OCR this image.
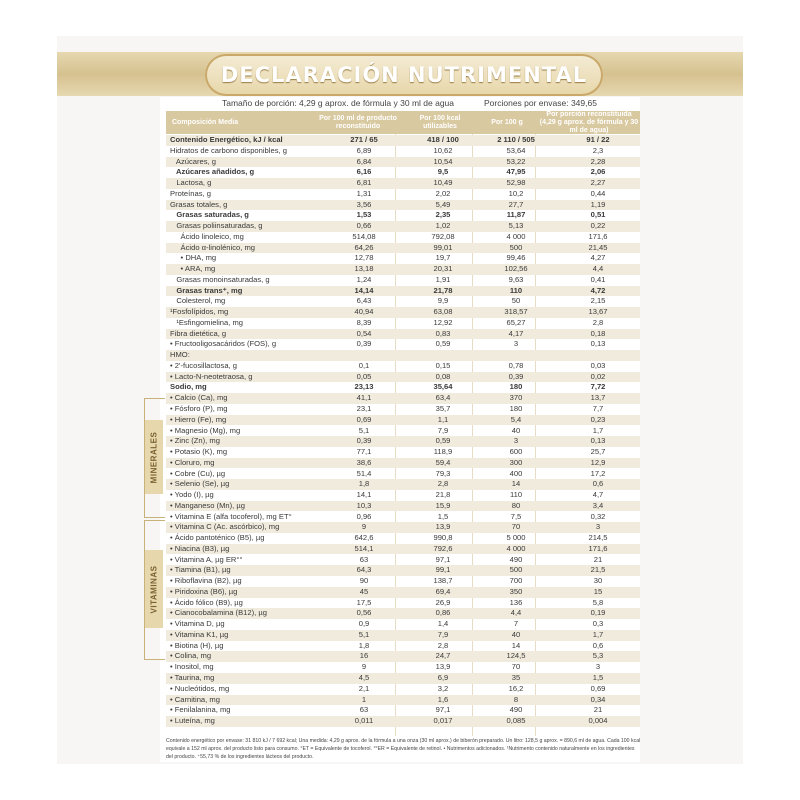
DECLARACIÓN NUTRIMENTAL
Tamaño de porción: 4,29 g aprox. de fórmula y 30 ml de agua	Porciones por envase: 349,65
Composición Media
Por 100 ml de producto reconstituido
Por 100 kcal utilizables
Por 100 g
Por porción reconstituida (4,29 g aprox. de fórmula y 30 ml de agua)
Contenido Energético, kJ / kcal	271 / 65	418 / 100	2 110 / 505	91 / 22
Hidratos de carbono disponibles, g	6,89	10,62	53,64	2,3
Azúcares, g	6,84	10,54	53,22	2,28
Azúcares añadidos, g	6,16	9,5	47,95	2,06
Lactosa, g	6,81	10,49	52,98	2,27
Proteínas, g	1,31	2,02	10,2	0,44
Grasas totales, g	3,56	5,49	27,7	1,19
Grasas saturadas, g	1,53	2,35	11,87	0,51
Grasas poliinsaturadas, g	0,66	1,02	5,13	0,22
Ácido linoleico, mg	514,08	792,08	4 000	171,6
Ácido α-linolénico, mg	64,26	99,01	500	21,45
• DHA, mg	12,78	19,7	99,46	4,27
• ARA, mg	13,18	20,31	102,56	4,4
Grasas monoinsaturadas, g	1,24	1,91	9,63	0,41
Grasas trans⁺, mg	14,14	21,78	110	4,72
Colesterol, mg	6,43	9,9	50	2,15
¹Fosfolípidos, mg	40,94	63,08	318,57	13,67
¹Esfingomielina, mg	8,39	12,92	65,27	2,8
Fibra dietética, g	0,54	0,83	4,17	0,18
• Fructooligosacáridos (FOS), g	0,39	0,59	3	0,13
HMO:
• 2'-fucosillactosa, g	0,1	0,15	0,78	0,03
• Lacto-N-neotetraosa, g	0,05	0,08	0,39	0,02
Sodio, mg	23,13	35,64	180	7,72
• Calcio (Ca), mg	41,1	63,4	370	13,7
• Fósforo (P), mg	23,1	35,7	180	7,7
• Hierro (Fe), mg	0,69	1,1	5,4	0,23
• Magnesio (Mg), mg	5,1	7,9	40	1,7
• Zinc (Zn), mg	0,39	0,59	3	0,13
• Potasio (K), mg	77,1	118,9	600	25,7
• Cloruro, mg	38,6	59,4	300	12,9
• Cobre (Cu), µg	51,4	79,3	400	17,2
• Selenio (Se), µg	1,8	2,8	14	0,6
• Yodo (I), µg	14,1	21,8	110	4,7
• Manganeso (Mn), µg	10,3	15,9	80	3,4
• Vitamina E (alfa tocoferol), mg ET°	0,96	1,5	7,5	0,32
• Vitamina C (Ac. ascórbico), mg	9	13,9	70	3
• Ácido pantoténico (B5), µg	642,6	990,8	5 000	214,5
• Niacina (B3), µg	514,1	792,6	4 000	171,6
• Vitamina A, µg ER°°	63	97,1	490	21
• Tiamina (B1), µg	64,3	99,1	500	21,5
• Riboflavina (B2), µg	90	138,7	700	30
• Piridoxina (B6), µg	45	69,4	350	15
• Ácido fólico (B9), µg	17,5	26,9	136	5,8
• Cianocobalamina (B12), µg	0,56	0,86	4,4	0,19
• Vitamina D, µg	0,9	1,4	7	0,3
• Vitamina K1, µg	5,1	7,9	40	1,7
• Biotina (H), µg	1,8	2,8	14	0,6
• Colina, mg	16	24,7	124,5	5,3
• Inositol, mg	9	13,9	70	3
• Taurina, mg	4,5	6,9	35	1,5
• Nucleótidos, mg	2,1	3,2	16,2	0,69
• Carnitina, mg	1	1,6	8	0,34
• Fenilalanina, mg	63	97,1	490	21
• Luteína, mg	0,011	0,017	0,085	0,004
MINERALES
VITAMINAS
Contenido energético por envase: 31 810 kJ / 7 692 kcal; Una medida: 4,29 g aprox. de la fórmula a una onza (30 ml aprox.) de biberón preparado. Un litro: 128,5 g aprox. = 890,6 ml de agua. Cada 100 kcal equivale a 152 ml aprox. del producto listo para consumo. °ET = Equivalente de tocoferol. °°ER = Equivalente de retinol. • Nutrimentos adicionados. ¹Nutrimento contenido naturalmente en los ingredientes del producto. ⁺55,73 % de los ingredientes lácteos del producto.
